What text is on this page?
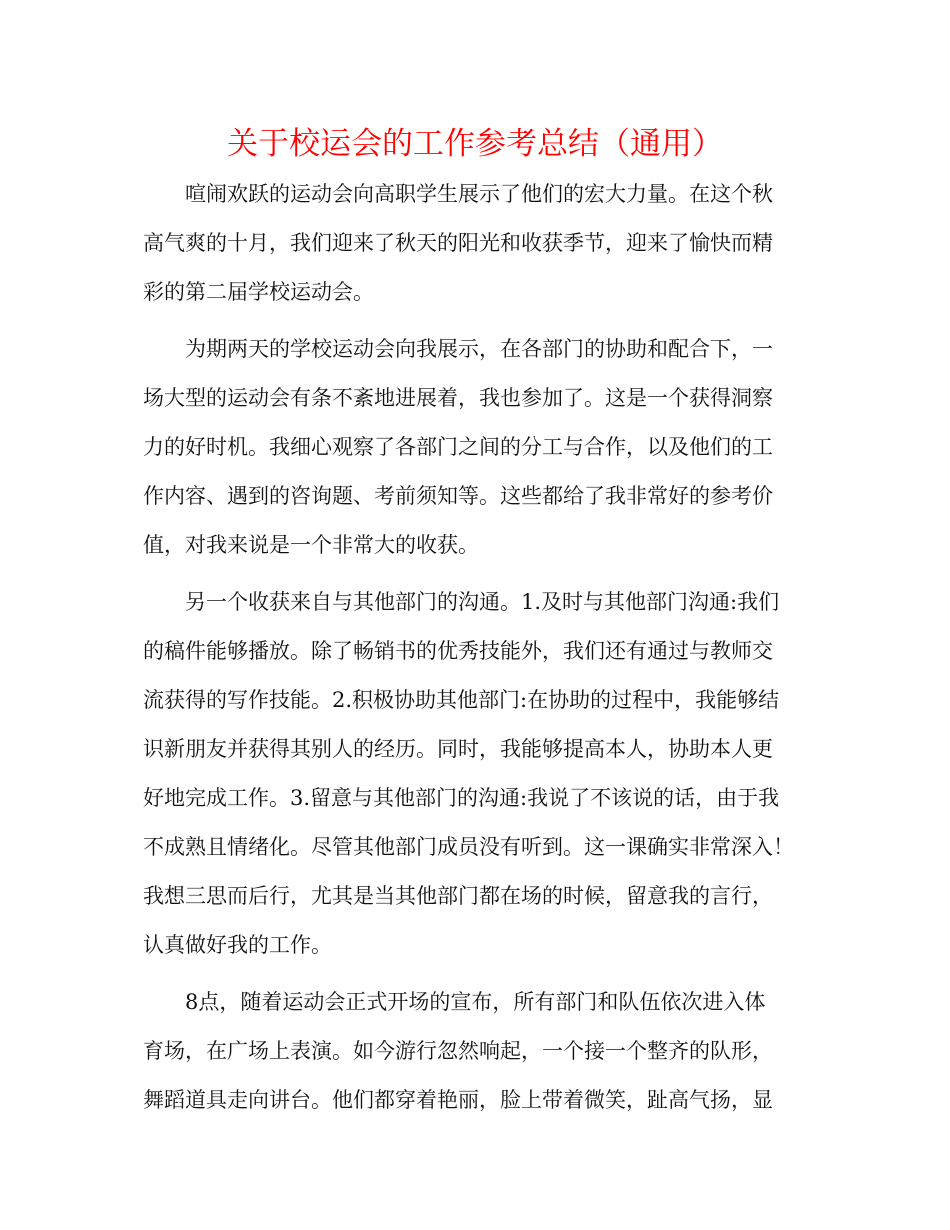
关于校运会的工作参考总结（通用）
喧闹欢跃的运动会向高职学生展示了他们的宏大力量。在这个秋
高气爽的十月，我们迎来了秋天的阳光和收获季节，迎来了愉快而精
彩的第二届学校运动会。
为期两天的学校运动会向我展示，在各部门的协助和配合下，一
场大型的运动会有条不紊地进展着，我也参加了。这是一个获得洞察
力的好时机。我细心观察了各部门之间的分工与合作，以及他们的工
作内容、遇到的咨询题、考前须知等。这些都给了我非常好的参考价
值，对我来说是一个非常大的收获。
另一个收获来自与其他部门的沟通。1.及时与其他部门沟通:我们
的稿件能够播放。除了畅销书的优秀技能外，我们还有通过与教师交
流获得的写作技能。2.积极协助其他部门:在协助的过程中，我能够结
识新朋友并获得其别人的经历。同时，我能够提高本人，协助本人更
好地完成工作。3.留意与其他部门的沟通:我说了不该说的话，由于我
不成熟且情绪化。尽管其他部门成员没有听到。这一课确实非常深入！
我想三思而后行，尤其是当其他部门都在场的时候，留意我的言行，
认真做好我的工作。
8点，随着运动会正式开场的宣布，所有部门和队伍依次进入体
育场，在广场上表演。如今游行忽然响起，一个接一个整齐的队形，
舞蹈道具走向讲台。他们都穿着艳丽，脸上带着微笑，趾高气扬，显
